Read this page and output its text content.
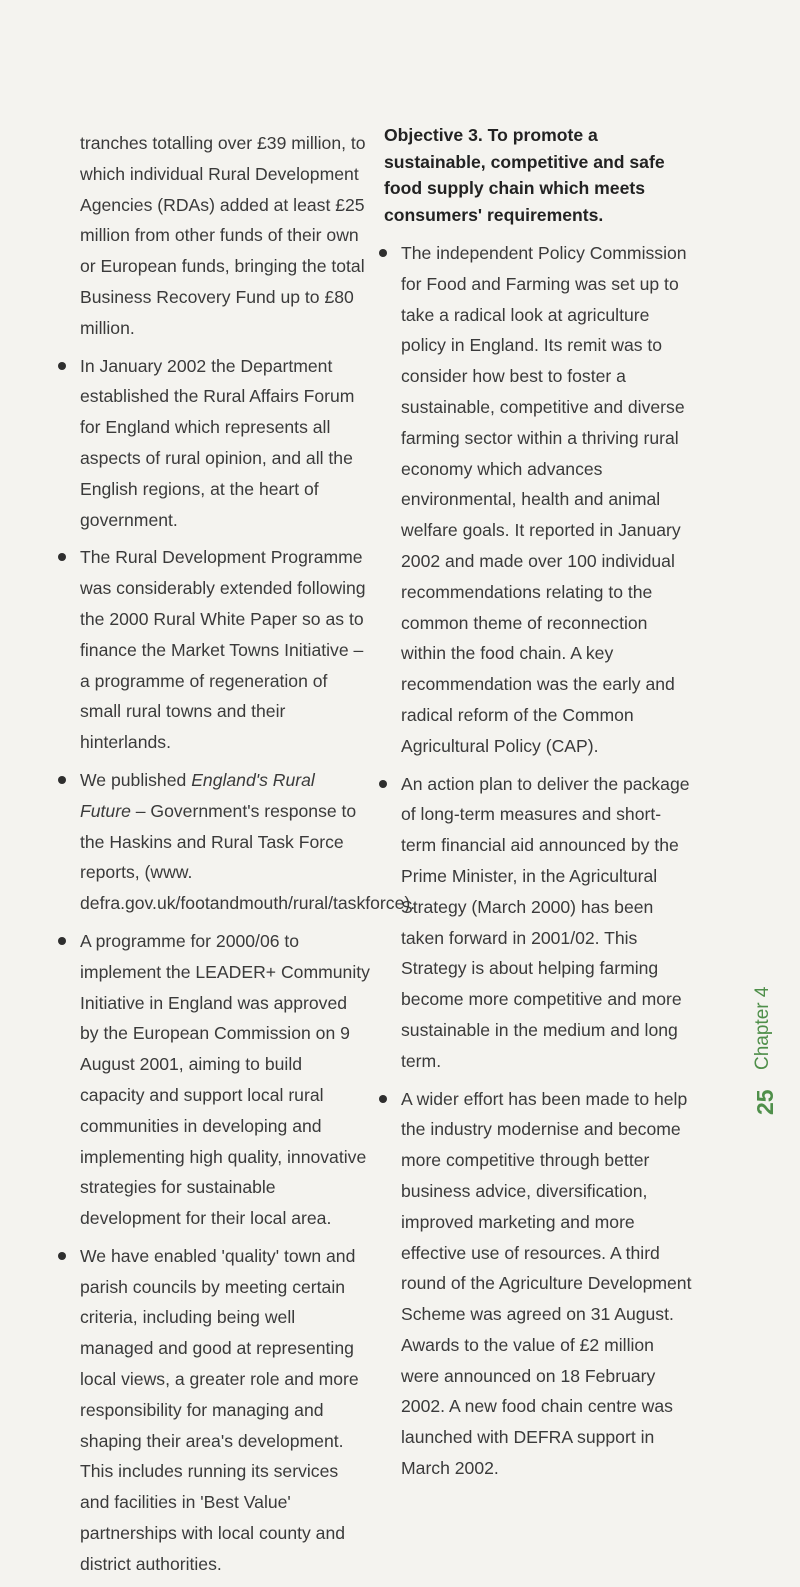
tranches totalling over £39 million, to which individual Rural Development Agencies (RDAs) added at least £25 million from other funds of their own or European funds, bringing the total Business Recovery Fund up to £80 million.

In January 2002 the Department established the Rural Affairs Forum for England which represents all aspects of rural opinion, and all the English regions, at the heart of government.
The Rural Development Programme was considerably extended following the 2000 Rural White Paper so as to finance the Market Towns Initiative – a programme of regeneration of small rural towns and their hinterlands.
We published England's Rural Future – Government's response to the Haskins and Rural Task Force reports, (www. defra.gov.uk/footandmouth/rural/taskforce).
A programme for 2000/06 to implement the LEADER+ Community Initiative in England was approved by the European Commission on 9 August 2001, aiming to build capacity and support local rural communities in developing and implementing high quality, innovative strategies for sustainable development for their local area.
We have enabled 'quality' town and parish councils by meeting certain criteria, including being well managed and good at representing local views, a greater role and more responsibility for managing and shaping their area's development. This includes running its services and facilities in 'Best Value' partnerships with local county and district authorities.

Objective 3. To promote a sustainable, competitive and safe food supply chain which meets consumers' requirements.

The independent Policy Commission for Food and Farming was set up to take a radical look at agriculture policy in England. Its remit was to consider how best to foster a sustainable, competitive and diverse farming sector within a thriving rural economy which advances environmental, health and animal welfare goals. It reported in January 2002 and made over 100 individual recommendations relating to the common theme of reconnection within the food chain. A key recommendation was the early and radical reform of the Common Agricultural Policy (CAP).
An action plan to deliver the package of long-term measures and short-term financial aid announced by the Prime Minister, in the Agricultural Strategy (March 2000) has been taken forward in 2001/02. This Strategy is about helping farming become more competitive and more sustainable in the medium and long term.
A wider effort has been made to help the industry modernise and become more competitive through better business advice, diversification, improved marketing and more effective use of resources. A third round of the Agriculture Development Scheme was agreed on 31 August. Awards to the value of £2 million were announced on 18 February 2002. A new food chain centre was launched with DEFRA support in March 2002.
Chapter 4
25
